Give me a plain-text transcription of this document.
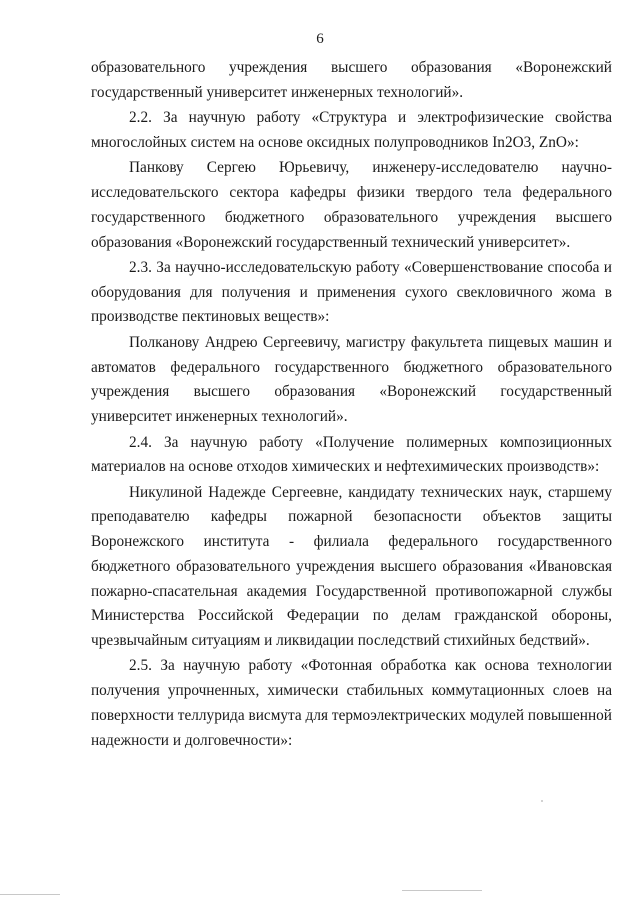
6

образовательного учреждения высшего образования «Воронежский государственный университет инженерных технологий».

2.2. За научную работу «Структура и электрофизические свойства многослойных систем на основе оксидных полупроводников In2O3, ZnO»:

Панкову Сергею Юрьевичу, инженеру-исследователю научно-исследовательского сектора кафедры физики твердого тела федерального государственного бюджетного образовательного учреждения высшего образования «Воронежский государственный технический университет».

2.3. За научно-исследовательскую работу «Совершенствование способа и оборудования для получения и применения сухого свекловичного жома в производстве пектиновых веществ»:

Полканову Андрею Сергеевичу, магистру факультета пищевых машин и автоматов федерального государственного бюджетного образовательного учреждения высшего образования «Воронежский государственный университет инженерных технологий».

2.4. За научную работу «Получение полимерных композиционных материалов на основе отходов химических и нефтехимических производств»:

Никулиной Надежде Сергеевне, кандидату технических наук, старшему преподавателю кафедры пожарной безопасности объектов защиты Воронежского института - филиала федерального государственного бюджетного образовательного учреждения высшего образования «Ивановская пожарно-спасательная академия Государственной противопожарной службы Министерства Российской Федерации по делам гражданской обороны, чрезвычайным ситуациям и ликвидации последствий стихийных бедствий».

2.5. За научную работу «Фотонная обработка как основа технологии получения упрочненных, химически стабильных коммутационных слоев на поверхности теллурида висмута для термоэлектрических модулей повышенной надежности и долговечности»:
